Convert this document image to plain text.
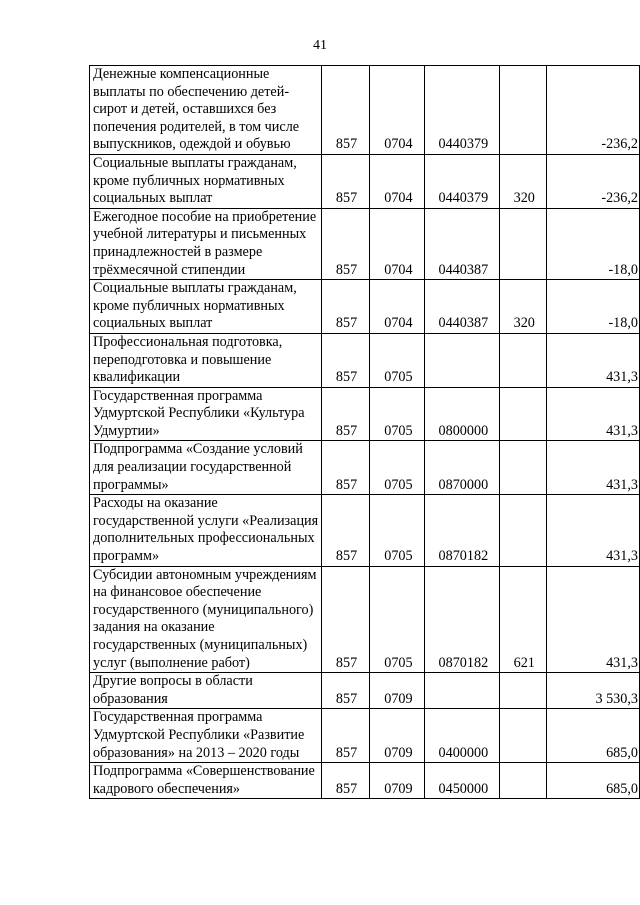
41
Денежные компенсационные выплаты по обеспечению детей-сирот и детей, оставшихся без попечения родителей, в том числе выпускников, одеждой и обувью	857	0704	0440379		-236,2
Социальные выплаты гражданам, кроме публичных нормативных социальных выплат	857	0704	0440379	320	-236,2
Ежегодное пособие на приобретение учебной литературы и письменных принадлежностей в размере трёхмесячной стипендии	857	0704	0440387		-18,0
Социальные выплаты гражданам, кроме публичных нормативных социальных выплат	857	0704	0440387	320	-18,0
Профессиональная подготовка, переподготовка и повышение квалификации	857	0705			431,3
Государственная программа Удмуртской Республики «Культура Удмуртии»	857	0705	0800000		431,3
Подпрограмма «Создание условий для реализации государственной программы»	857	0705	0870000		431,3
Расходы на оказание государственной услуги «Реализация дополнительных профессиональных программ»	857	0705	0870182		431,3
Субсидии автономным учреждениям на финансовое обеспечение государственного (муниципального) задания на оказание государственных (муниципальных) услуг (выполнение работ)	857	0705	0870182	621	431,3
Другие вопросы в области образования	857	0709			3 530,3
Государственная программа Удмуртской Республики «Развитие образования» на 2013 – 2020 годы	857	0709	0400000		685,0
Подпрограмма «Совершенствование кадрового обеспечения»	857	0709	0450000		685,0
